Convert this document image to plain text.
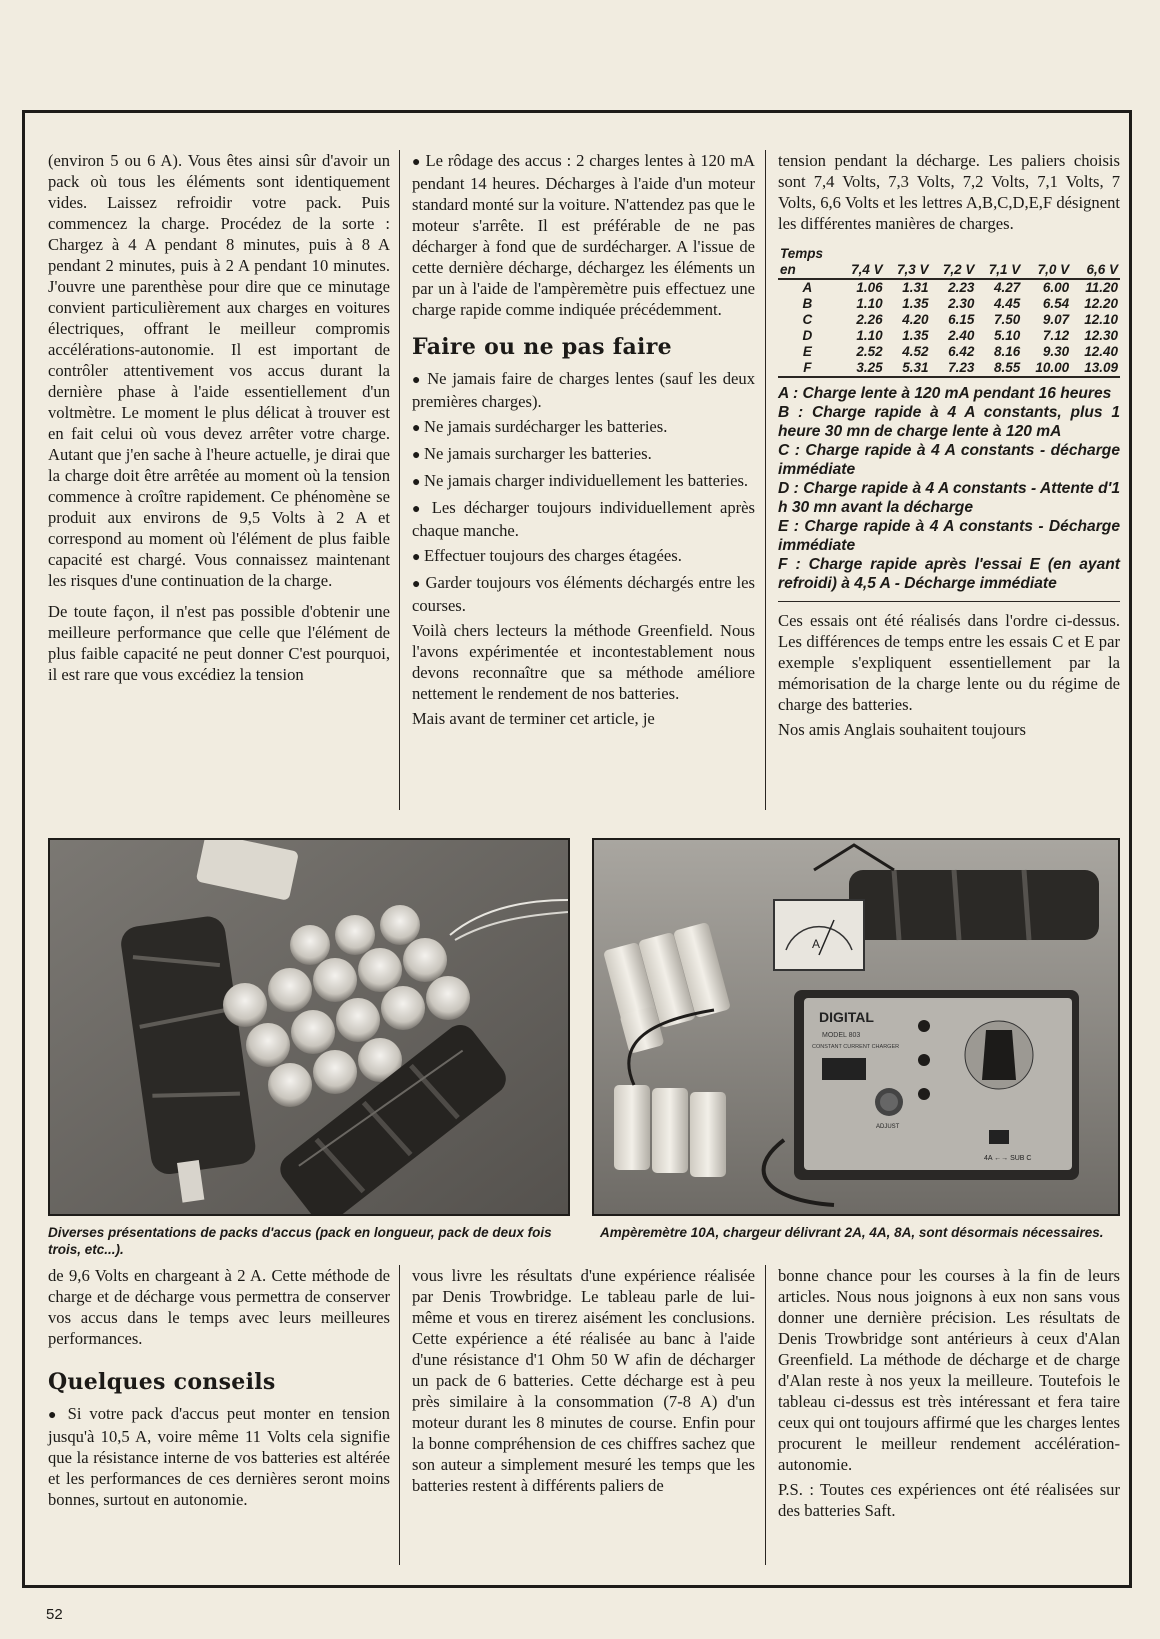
(environ 5 ou 6 A). Vous êtes ainsi sûr d'avoir un pack où tous les éléments sont identiquement vides. Laissez refroidir votre pack. Puis commencez la charge. Procédez de la sorte : Chargez à 4 A pendant 8 minutes, puis à 8 A pendant 2 minutes, puis à 2 A pendant 10 minutes. J'ouvre une parenthèse pour dire que ce minutage convient particulièrement aux charges en voitures électriques, offrant le meilleur compromis accélérations-autonomie. Il est important de contrôler attentivement vos accus durant la dernière phase à l'aide essentiellement d'un voltmètre. Le moment le plus délicat à trouver est en fait celui où vous devez arrêter votre charge. Autant que j'en sache à l'heure actuelle, je dirai que la charge doit être arrêtée au moment où la tension commence à croître rapidement. Ce phénomène se produit aux environs de 9,5 Volts à 2 A et correspond au moment où l'élément de plus faible capacité est chargé. Vous connaissez maintenant les risques d'une continuation de la charge.

De toute façon, il n'est pas possible d'obtenir une meilleure performance que celle que l'élément de plus faible capacité ne peut donner C'est pourquoi, il est rare que vous excédiez la tension

● Le rôdage des accus : 2 charges lentes à 120 mA pendant 14 heures. Décharges à l'aide d'un moteur standard monté sur la voiture. N'attendez pas que le moteur s'arrête. Il est préférable de ne pas décharger à fond que de surdécharger. A l'issue de cette dernière décharge, déchargez les éléments un par un à l'aide de l'ampèremètre puis effectuez une charge rapide comme indiquée précédemment.

Faire ou ne pas faire

● Ne jamais faire de charges lentes (sauf les deux premières charges).

● Ne jamais surdécharger les batteries.

● Ne jamais surcharger les batteries.

● Ne jamais charger individuellement les batteries.

● Les décharger toujours individuellement après chaque manche.

● Effectuer toujours des charges étagées.

● Garder toujours vos éléments déchargés entre les courses.

Voilà chers lecteurs la méthode Greenfield. Nous l'avons expérimentée et incontestablement nous devons reconnaître que sa méthode améliore nettement le rendement de nos batteries.

Mais avant de terminer cet article, je

tension pendant la décharge. Les paliers choisis sont 7,4 Volts, 7,3 Volts, 7,2 Volts, 7,1 Volts, 7 Volts, 6,6 Volts et les lettres A,B,C,D,E,F désignent les différentes manières de charges.

Temps						
en	7,4 V	7,3 V	7,2 V	7,1 V	7,0 V	6,6 V
A	1.06	1.31	2.23	4.27	6.00	11.20
B	1.10	1.35	2.30	4.45	6.54	12.20
C	2.26	4.20	6.15	7.50	9.07	12.10
D	1.10	1.35	2.40	5.10	7.12	12.30
E	2.52	4.52	6.42	8.16	9.30	12.40
F	3.25	5.31	7.23	8.55	10.00	13.09

A : Charge lente à 120 mA pendant 16 heures

B : Charge rapide à 4 A constants, plus 1 heure 30 mn de charge lente à 120 mA

C : Charge rapide à 4 A constants - décharge immédiate

D : Charge rapide à 4 A constants - Attente d'1 h 30 mn avant la décharge

E : Charge rapide à 4 A constants - Décharge immédiate

F : Charge rapide après l'essai E (en ayant refroidi) à 4,5 A - Décharge immédiate

Ces essais ont été réalisés dans l'ordre ci-dessus. Les différences de temps entre les essais C et E par exemple s'expliquent essentiellement par la mémorisation de la charge lente ou du régime de charge des batteries.

Nos amis Anglais souhaitent toujours

A
DIGITAL
MODEL 803
CONSTANT CURRENT CHARGER
ADJUST
4A ←→ SUB C
Diverses présentations de packs d'accus (pack en longueur, pack de deux fois trois, etc...).
Ampèremètre 10A, chargeur délivrant 2A, 4A, 8A, sont désormais nécessaires.

de 9,6 Volts en chargeant à 2 A. Cette méthode de charge et de décharge vous permettra de conserver vos accus dans le temps avec leurs meilleures performances.

Quelques conseils

● Si votre pack d'accus peut monter en tension jusqu'à 10,5 A, voire même 11 Volts cela signifie que la résistance interne de vos batteries est altérée et les performances de ces dernières seront moins bonnes, surtout en autonomie.

vous livre les résultats d'une expérience réalisée par Denis Trowbridge. Le tableau parle de lui-même et vous en tirerez aisément les conclusions. Cette expérience a été réalisée au banc à l'aide d'une résistance d'1 Ohm 50 W afin de décharger un pack de 6 batteries. Cette décharge est à peu près similaire à la consommation (7-8 A) d'un moteur durant les 8 minutes de course. Enfin pour la bonne compréhension de ces chiffres sachez que son auteur a simplement mesuré les temps que les batteries restent à différents paliers de

bonne chance pour les courses à la fin de leurs articles. Nous nous joignons à eux non sans vous donner une dernière précision. Les résultats de Denis Trowbridge sont antérieurs à ceux d'Alan Greenfield. La méthode de décharge et de charge d'Alan reste à nos yeux la meilleure. Toutefois le tableau ci-dessus est très intéressant et fera taire ceux qui ont toujours affirmé que les charges lentes procurent le meilleur rendement accélération-autonomie.

P.S. : Toutes ces expériences ont été réalisées sur des batteries Saft.

52
